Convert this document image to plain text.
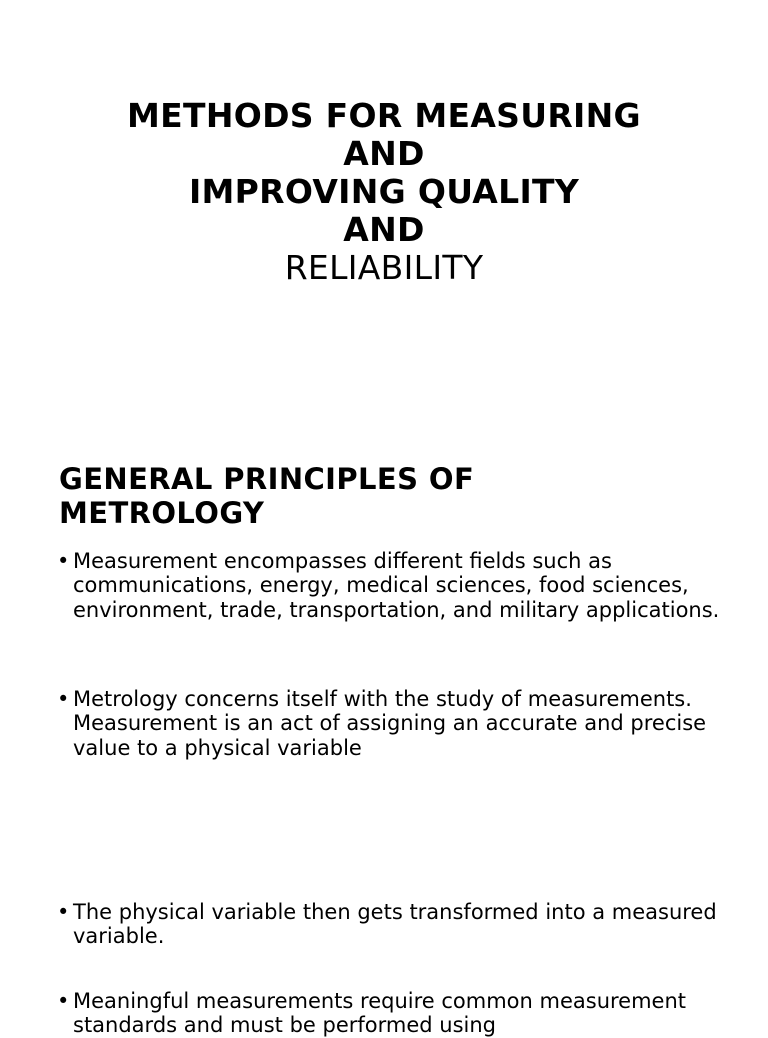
METHODS FOR MEASURING
AND
IMPROVING QUALITY
AND
RELIABILITY
GENERAL PRINCIPLES OF
METROLOGY
• Measurement encompasses different fields such as communications, energy, medical sciences, food sciences, environment, trade, transportation, and military applications.
• Metrology concerns itself with the study of measurements.  Measurement is an act of assigning an accurate and precise value to a physical variable
• The physical variable then gets transformed into a measured variable.
• Meaningful measurements require common measurement standards and must be performed using
